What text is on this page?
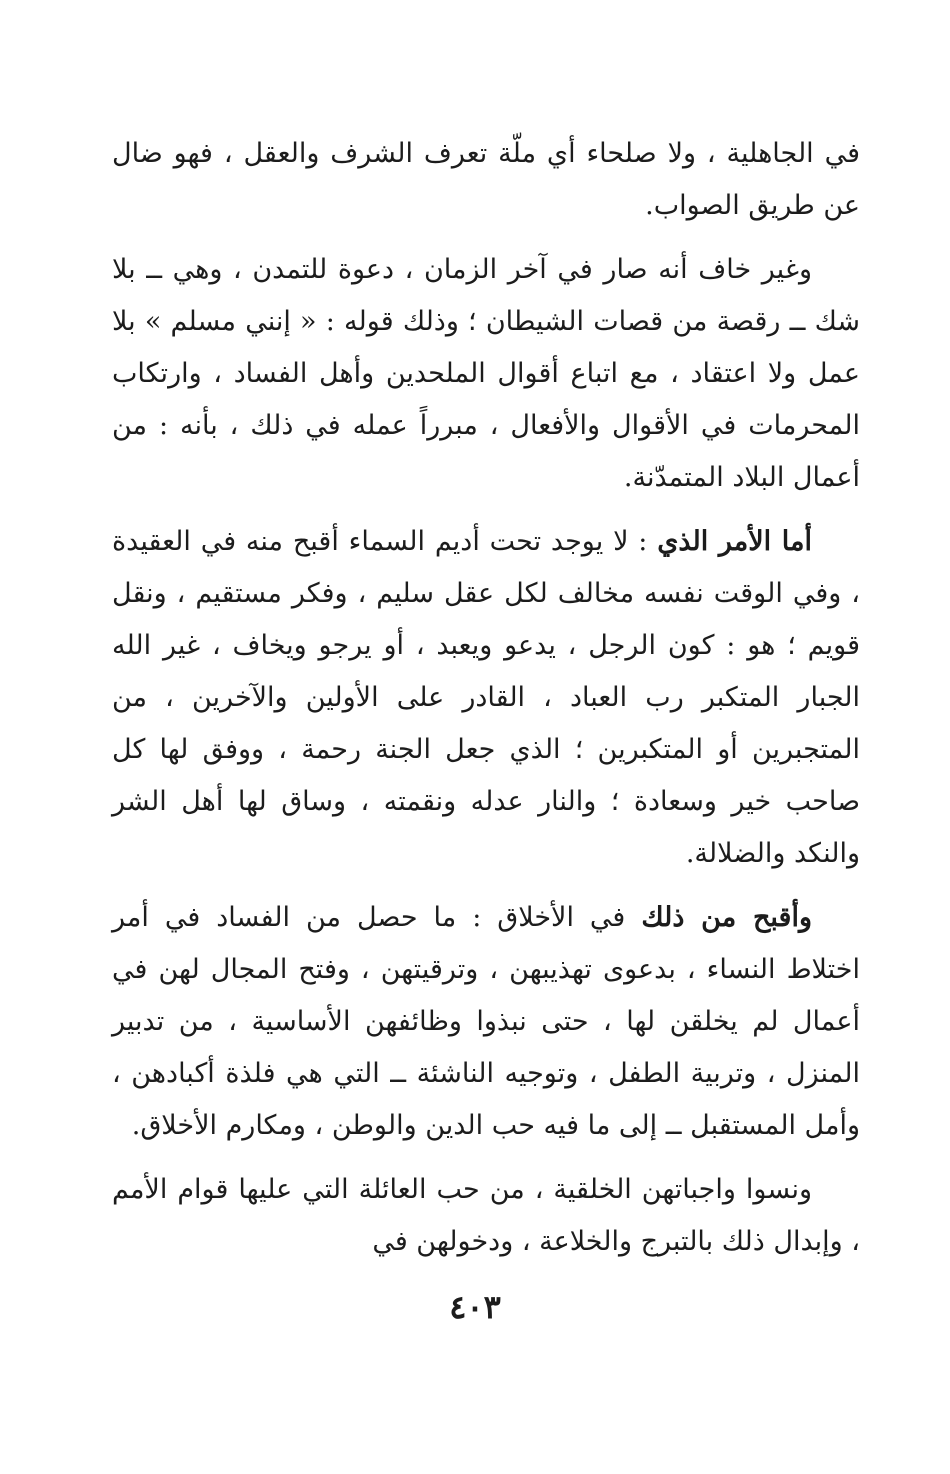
في الجاهلية ، ولا صلحاء أي ملّة تعرف الشرف والعقل ، فهو ضال عن طريق الصواب.

وغير خاف أنه صار في آخر الزمان ، دعوة للتمدن ، وهي ــ بلا شك ــ رقصة من قصات الشيطان ؛ وذلك قوله : « إنني مسلم » بلا عمل ولا اعتقاد ، مع اتباع أقوال الملحدين وأهل الفساد ، وارتكاب المحرمات في الأقوال والأفعال ، مبرراً عمله في ذلك ، بأنه : من أعمال البلاد المتمدّنة.

أما الأمر الذي : لا يوجد تحت أديم السماء أقبح منه في العقيدة ، وفي الوقت نفسه مخالف لكل عقل سليم ، وفكر مستقيم ، ونقل قويم ؛ هو : كون الرجل ، يدعو ويعبد ، أو يرجو ويخاف ، غير الله الجبار المتكبر رب العباد ، القادر على الأولين والآخرين ، من المتجبرين أو المتكبرين ؛ الذي جعل الجنة رحمة ، ووفق لها كل صاحب خير وسعادة ؛ والنار عدله ونقمته ، وساق لها أهل الشر والنكد والضلالة.

وأقبح من ذلك في الأخلاق : ما حصل من الفساد في أمر اختلاط النساء ، بدعوى تهذيبهن ، وترقيتهن ، وفتح المجال لهن في أعمال لم يخلقن لها ، حتى نبذوا وظائفهن الأساسية ، من تدبير المنزل ، وتربية الطفل ، وتوجيه الناشئة ــ التي هي فلذة أكبادهن ، وأمل المستقبل ــ إلى ما فيه حب الدين والوطن ، ومكارم الأخلاق.

ونسوا واجباتهن الخلقية ، من حب العائلة التي عليها قوام الأمم ، وإبدال ذلك بالتبرج والخلاعة ، ودخولهن في

٤٠٣
